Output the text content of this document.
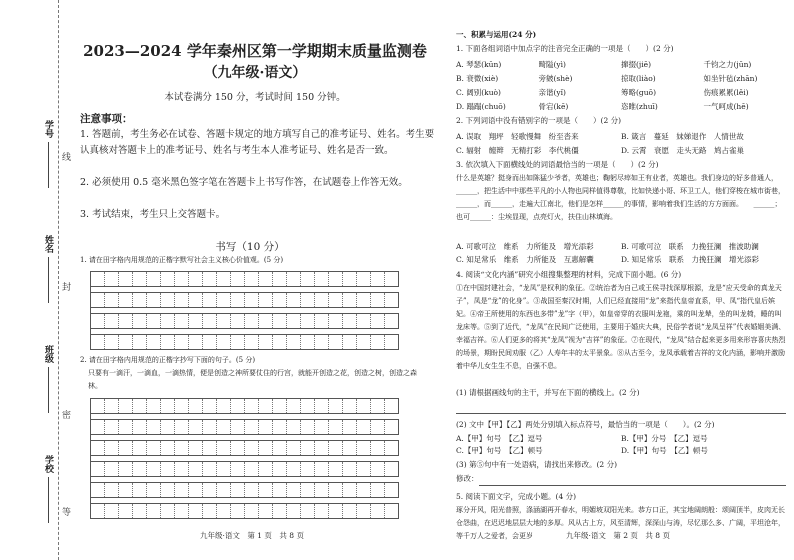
学号
姓名
班级
学校
线
封
密
等
2023—2024 学年秦州区第一学期期末质量监测卷
（九年级·语文）
本试卷满分 150 分，考试时间 150 分钟。
注意事项：
1. 答题前，考生务必在试卷、答题卡规定的地方填写自己的准考证号、姓名。考生要认真核对答题卡上的准考证号、姓名与考生本人准考证号、姓名是否一致。
2. 必须使用 0.5 毫米黑色签字笔在答题卡上书写作答，在试题卷上作答无效。
3. 考试结束，考生只上交答题卡。
书写（10 分）
1. 请在田字格内用规范的正楷字默写社会主义核心价值观。(5 分)
2. 请在田字格内用规范的正楷字抄写下面的句子。(5 分)
只要有一滴汗，一滴血，一滴热情，便是创造之神所要仗住的行宫，就能开创造之花，创造之树，创造之森林。
九年级·语文　第 1 页　共 8 页
一、积累与运用(24 分)
1. 下面各组词语中加点字的注音完全正确的一项是（　　）(2 分)
A. 琴瑟(kūn)	畸隘(yì)	撺掇(jiē)	千钧之力(jūn)
B. 衰微(xiè)	旁皴(shè)	掠取(liào)	如坐针毡(zhān)
C. 阔别(kuò)	亲谐(yǐ)	筹略(guō)	伤痕累累(lěi)
D. 蹋蹋(chuō)	骨宕(kē)	恣睢(zhuī)	一气呵成(hē)
2. 下列词语中没有错别字的一项是（　　）(2 分)
A. 误取　翔坪　轻歌慢舞　纷至沓来	B. 箴言　蔓延　妹娣退作　人情世故
C. 辐射　缠辫　无精打彩　李代桃僵	D. 云霄　衰愿　走头无路　鸠占雀巢
3. 依次填入下面横线处的词语最恰当的一项是（　　）(2 分)
什么是英雄？挺身而出如陈猛少爷者，英雄也；鞠躬尽瘁如王有业者，英雄也。我们身边的好多普通人，______，把生活中中那些平凡的小人物也同样值得尊敬，比如快递小哥、环卫工人，他们穿梭在城市街巷，______，而______，走遍大江南北，他们是怎样______的事情，影响着我们生活的方方面面。　　______；　　也可______：尘埃显现，点亮灯火，扶住山林填海。
A. 可歌可泣　维系　力所能及　增光添彩	B. 可歌可泣　联系　力挽狂澜　推波助澜
C. 知足常乐　维系　力所能及　互惠解囊	D. 知足常乐　联系　力挽狂澜　增光添彩
4. 阅读“文化内涵”研究小组搜集整理的材料，完成下面小题。(6 分)
①在中国封建社会，“龙凤”是权利的象征。②统治者为自己或王侯寻找深厚根源，龙是“应天受命的真龙天子”，凤是“龙”的化身”。③战国至秦汉时期，人们已经直接用“龙”来指代皇帝直系，甲、凤“指代皇后嫔妃。④帝王所使用的东西也多带”龙”字（甲），如皇帝穿的衣服叫龙袍，乘的叫龙辇，坐的叫龙椅，睡的叫龙床等。⑤到了近代，“龙凤”在民间广泛使用，主要用于婚庆大典，民俗学者说“龙凤呈祥”代表婚姻美满、幸福吉祥。⑥人们更多的将其“龙凤”视为“吉祥”的象征。⑦在现代，“龙凤”结合起来更多用来形容喜庆热烈的场景，期盼民间劝服（乙）人寿年丰的太平景象。⑧从古至今，龙凤承载着吉祥的文化内涵，影响并激励着中华儿女生生不息，自强不息。
(1) 请根据画线句的主干，并写在下面的横线上。(2 分)
(2) 文中【甲】【乙】两处分别填入标点符号，最恰当的一项是（　　）。(2 分)
A.【甲】句号　【乙】逗号	B.【甲】分号　【乙】逗号
C.【甲】句号　【乙】顿号	D.【甲】句号　【乙】顿号
(3) 第⑤句中有一处语病，请找出来修改。(2 分)
修改：
5. 阅读下面文字，完成小题。(4 分)
琢分开风，阳光普照，涤涵湖再开春水，明媚坡双阳光来。恭方口正，其宝地阔朗般：颂阔顶半，皮肉无长仓怨曲，在迟迟地层层大地的多厚。风从古上方，风至清辉，深深山与涛，尽忆那么多、广阔，平坦沧年，等千万人之爱者，会更岁	九年级·语文　第 2 页　共 8 页
